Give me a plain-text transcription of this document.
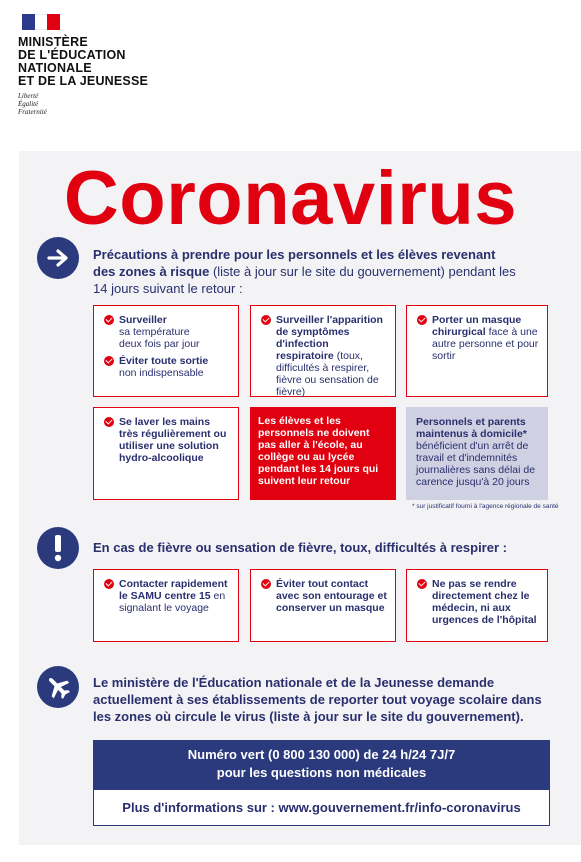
MINISTÈRE
DE L'ÉDUCATION
NATIONALE
ET DE LA JEUNESSE
Liberté
Égalité
Fraternité
Coronavirus
Précautions à prendre pour les personnels et les élèves revenant
des zones à risque (liste à jour sur le site du gouvernement) pendant les 14 jours suivant le retour :
Surveiller
sa température
deux fois par jour
Éviter toute sortie
non indispensable
Surveiller l'apparition de symptômes d'infection respiratoire (toux, difficultés à respirer, fièvre ou sensation de fièvre)
Porter un masque chirurgical face à une autre personne et pour sortir
Se laver les mains très régulièrement ou utiliser une solution hydro-alcoolique
Les élèves et les personnels ne doivent pas aller à l'école, au collège ou au lycée pendant les 14 jours qui suivent leur retour
Personnels et parents maintenus à domicile* bénéficient d'un arrêt de travail et d'indemnités journalières sans délai de carence jusqu'à 20 jours
* sur justificatif fourni à l'agence régionale de santé
En cas de fièvre ou sensation de fièvre, toux, difficultés à respirer :
Contacter rapidement le SAMU centre 15 en signalant le voyage
Éviter tout contact avec son entourage et conserver un masque
Ne pas se rendre directement chez le médecin, ni aux urgences de l'hôpital
Le ministère de l'Éducation nationale et de la Jeunesse demande actuellement à ses établissements de reporter tout voyage scolaire dans les zones où circule le virus (liste à jour sur le site du gouvernement).
Numéro vert (0 800 130 000) de 24 h/24 7J/7
pour les questions non médicales
Plus d'informations sur : www.gouvernement.fr/info-coronavirus
